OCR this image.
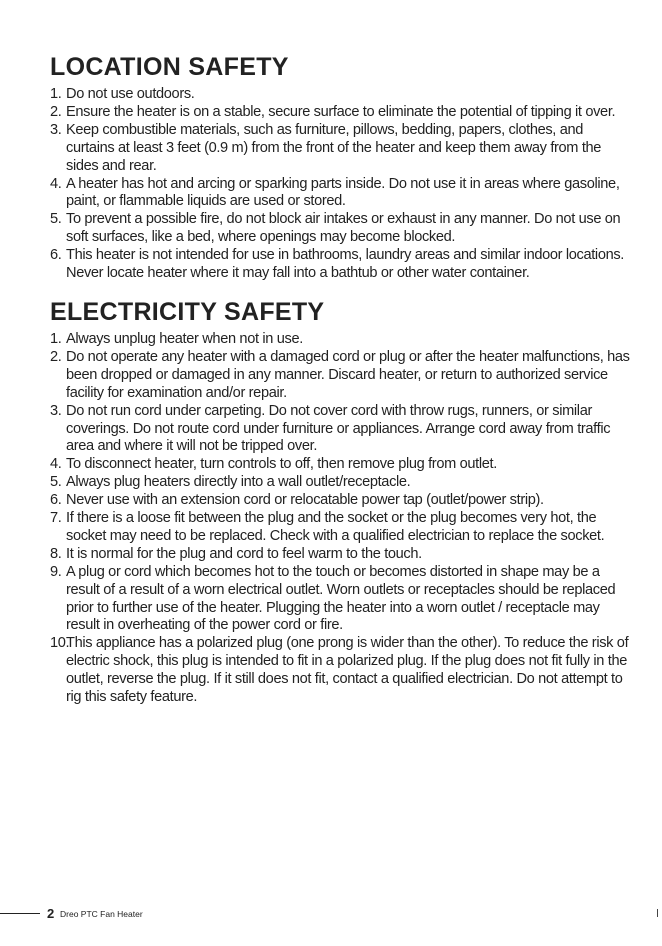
LOCATION SAFETY
1. Do not use outdoors.
2. Ensure the heater is on a stable, secure surface to eliminate the potential of tipping it over.
3. Keep combustible materials, such as furniture, pillows, bedding, papers, clothes, and curtains at least 3 feet (0.9 m) from the front of the heater and keep them away from the sides and rear.
4. A heater has hot and arcing or sparking parts inside. Do not use it in areas where gasoline, paint, or flammable liquids are used or stored.
5. To prevent a possible fire, do not block air intakes or exhaust in any manner. Do not use on soft surfaces, like a bed, where openings may become blocked.
6. This heater is not intended for use in bathrooms, laundry areas and similar indoor locations. Never locate heater where it may fall into a bathtub or other water container.
ELECTRICITY SAFETY
1. Always unplug heater when not in use.
2. Do not operate any heater with a damaged cord or plug or after the heater malfunctions, has been dropped or damaged in any manner. Discard heater, or return to authorized service facility for examination and/or repair.
3. Do not run cord under carpeting. Do not cover cord with throw rugs, runners, or similar coverings. Do not route cord under furniture or appliances. Arrange cord away from traffic area and where it will not be tripped over.
4. To disconnect heater, turn controls to off, then remove plug from outlet.
5. Always plug heaters directly into a wall outlet/receptacle.
6. Never use with an extension cord or relocatable power tap (outlet/power strip).
7. If there is a loose fit between the plug and the socket or the plug becomes very hot, the socket may need to be replaced. Check with a qualified electrician to replace the socket.
8. It is normal for the plug and cord to feel warm to the touch.
9. A plug or cord which becomes hot to the touch or becomes distorted in shape may be a result of a result of a worn electrical outlet. Worn outlets or receptacles should be replaced prior to further use of the heater. Plugging the heater into a worn outlet / receptacle may result in overheating of the power cord or fire.
10.
This appliance has a polarized plug (one prong is wider than the other). To reduce the risk of electric shock, this plug is intended to fit in a polarized plug. If the plug does not fit fully in the outlet, reverse the plug. If it still does not fit, contact a qualified electrician. Do not attempt to rig this safety feature.
2 Dreo PTC Fan Heater
